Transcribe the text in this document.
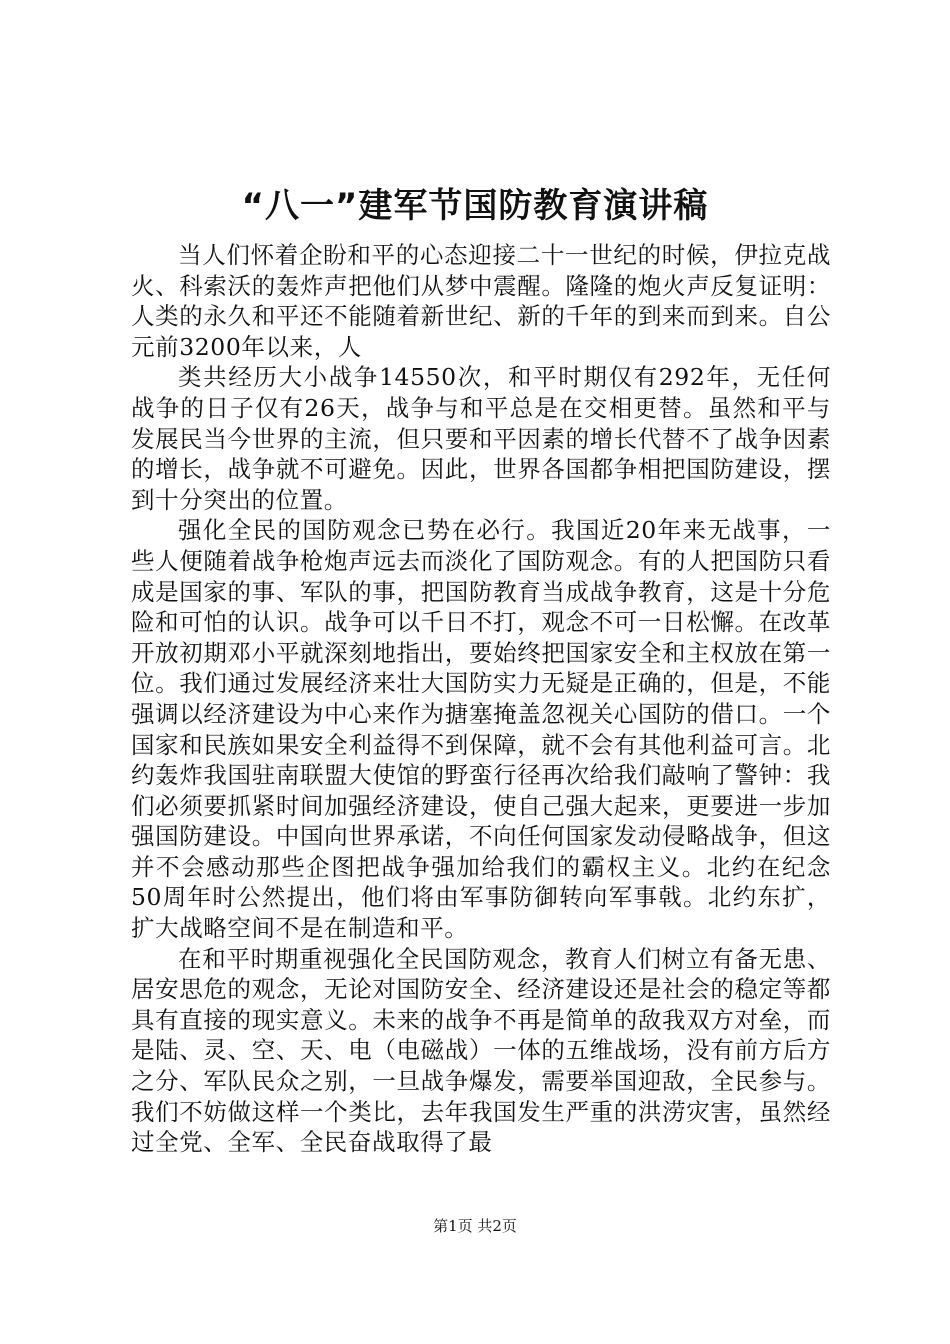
“八一”建军节国防教育演讲稿

当人们怀着企盼和平的心态迎接二十一世纪的时候，伊拉克战火、科索沃的轰炸声把他们从梦中震醒。隆隆的炮火声反复证明：人类的永久和平还不能随着新世纪、新的千年的到来而到来。自公元前3200年以来，人

类共经历大小战争14550次，和平时期仅有292年，无任何战争的日子仅有26天，战争与和平总是在交相更替。虽然和平与发展民当今世界的主流，但只要和平因素的增长代替不了战争因素的增长，战争就不可避免。因此，世界各国都争相把国防建设，摆到十分突出的位置。

强化全民的国防观念已势在必行。我国近20年来无战事，一些人便随着战争枪炮声远去而淡化了国防观念。有的人把国防只看成是国家的事、军队的事，把国防教育当成战争教育，这是十分危险和可怕的认识。战争可以千日不打，观念不可一日松懈。在改革开放初期邓小平就深刻地指出，要始终把国家安全和主权放在第一位。我们通过发展经济来壮大国防实力无疑是正确的，但是，不能强调以经济建设为中心来作为搪塞掩盖忽视关心国防的借口。一个国家和民族如果安全利益得不到保障，就不会有其他利益可言。北约轰炸我国驻南联盟大使馆的野蛮行径再次给我们敲响了警钟：我们必须要抓紧时间加强经济建设，使自己强大起来，更要进一步加强国防建设。中国向世界承诺，不向任何国家发动侵略战争，但这并不会感动那些企图把战争强加给我们的霸权主义。北约在纪念50周年时公然提出，他们将由军事防御转向军事戟。北约东扩，扩大战略空间不是在制造和平。

在和平时期重视强化全民国防观念，教育人们树立有备无患、居安思危的观念，无论对国防安全、经济建设还是社会的稳定等都具有直接的现实意义。未来的战争不再是简单的敌我双方对垒，而是陆、灵、空、天、电（电磁战）一体的五维战场，没有前方后方之分、军队民众之别，一旦战争爆发，需要举国迎敌，全民参与。我们不妨做这样一个类比，去年我国发生严重的洪涝灾害，虽然经过全党、全军、全民奋战取得了最

第1页 共2页
